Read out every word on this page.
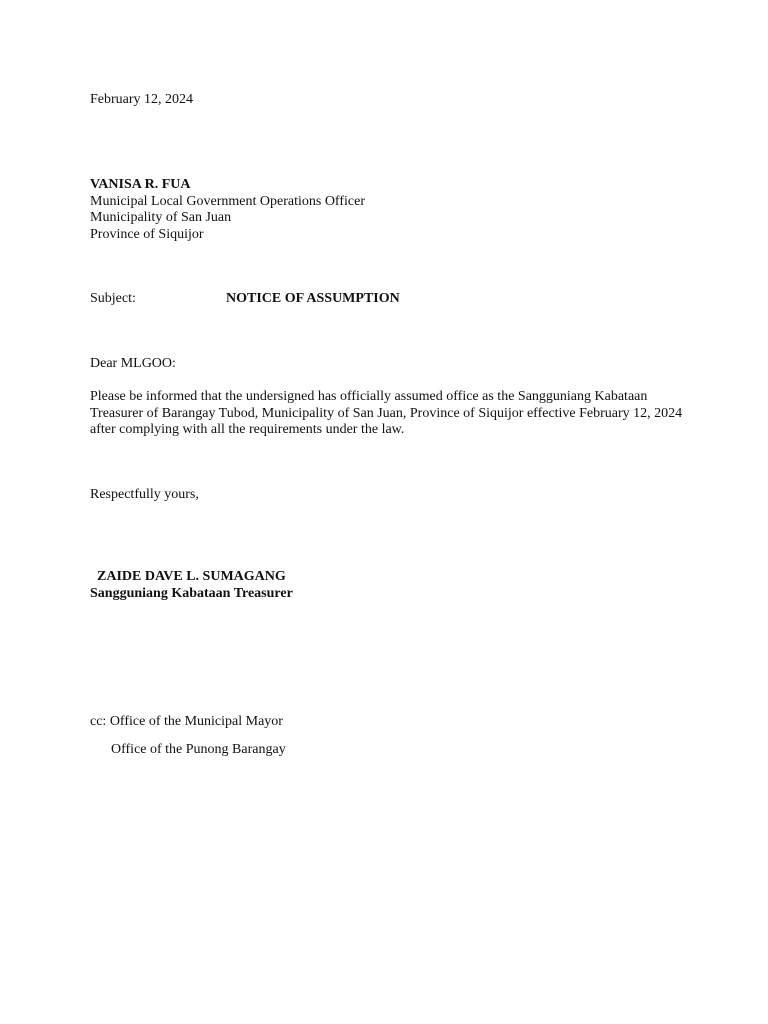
February 12, 2024
VANISA R. FUA
Municipal Local Government Operations Officer
Municipality of San Juan
Province of Siquijor
Subject:	NOTICE OF ASSUMPTION
Dear MLGOO:

Please be informed that the undersigned has officially assumed office as the Sangguniang Kabataan Treasurer of Barangay Tubod, Municipality of San Juan, Province of Siquijor effective February 12, 2024 after complying with all the requirements under the law.

Respectfully yours,
ZAIDE DAVE L. SUMAGANG
Sangguniang Kabataan Treasurer
cc: Office of the Municipal Mayor
Office of the Punong Barangay
